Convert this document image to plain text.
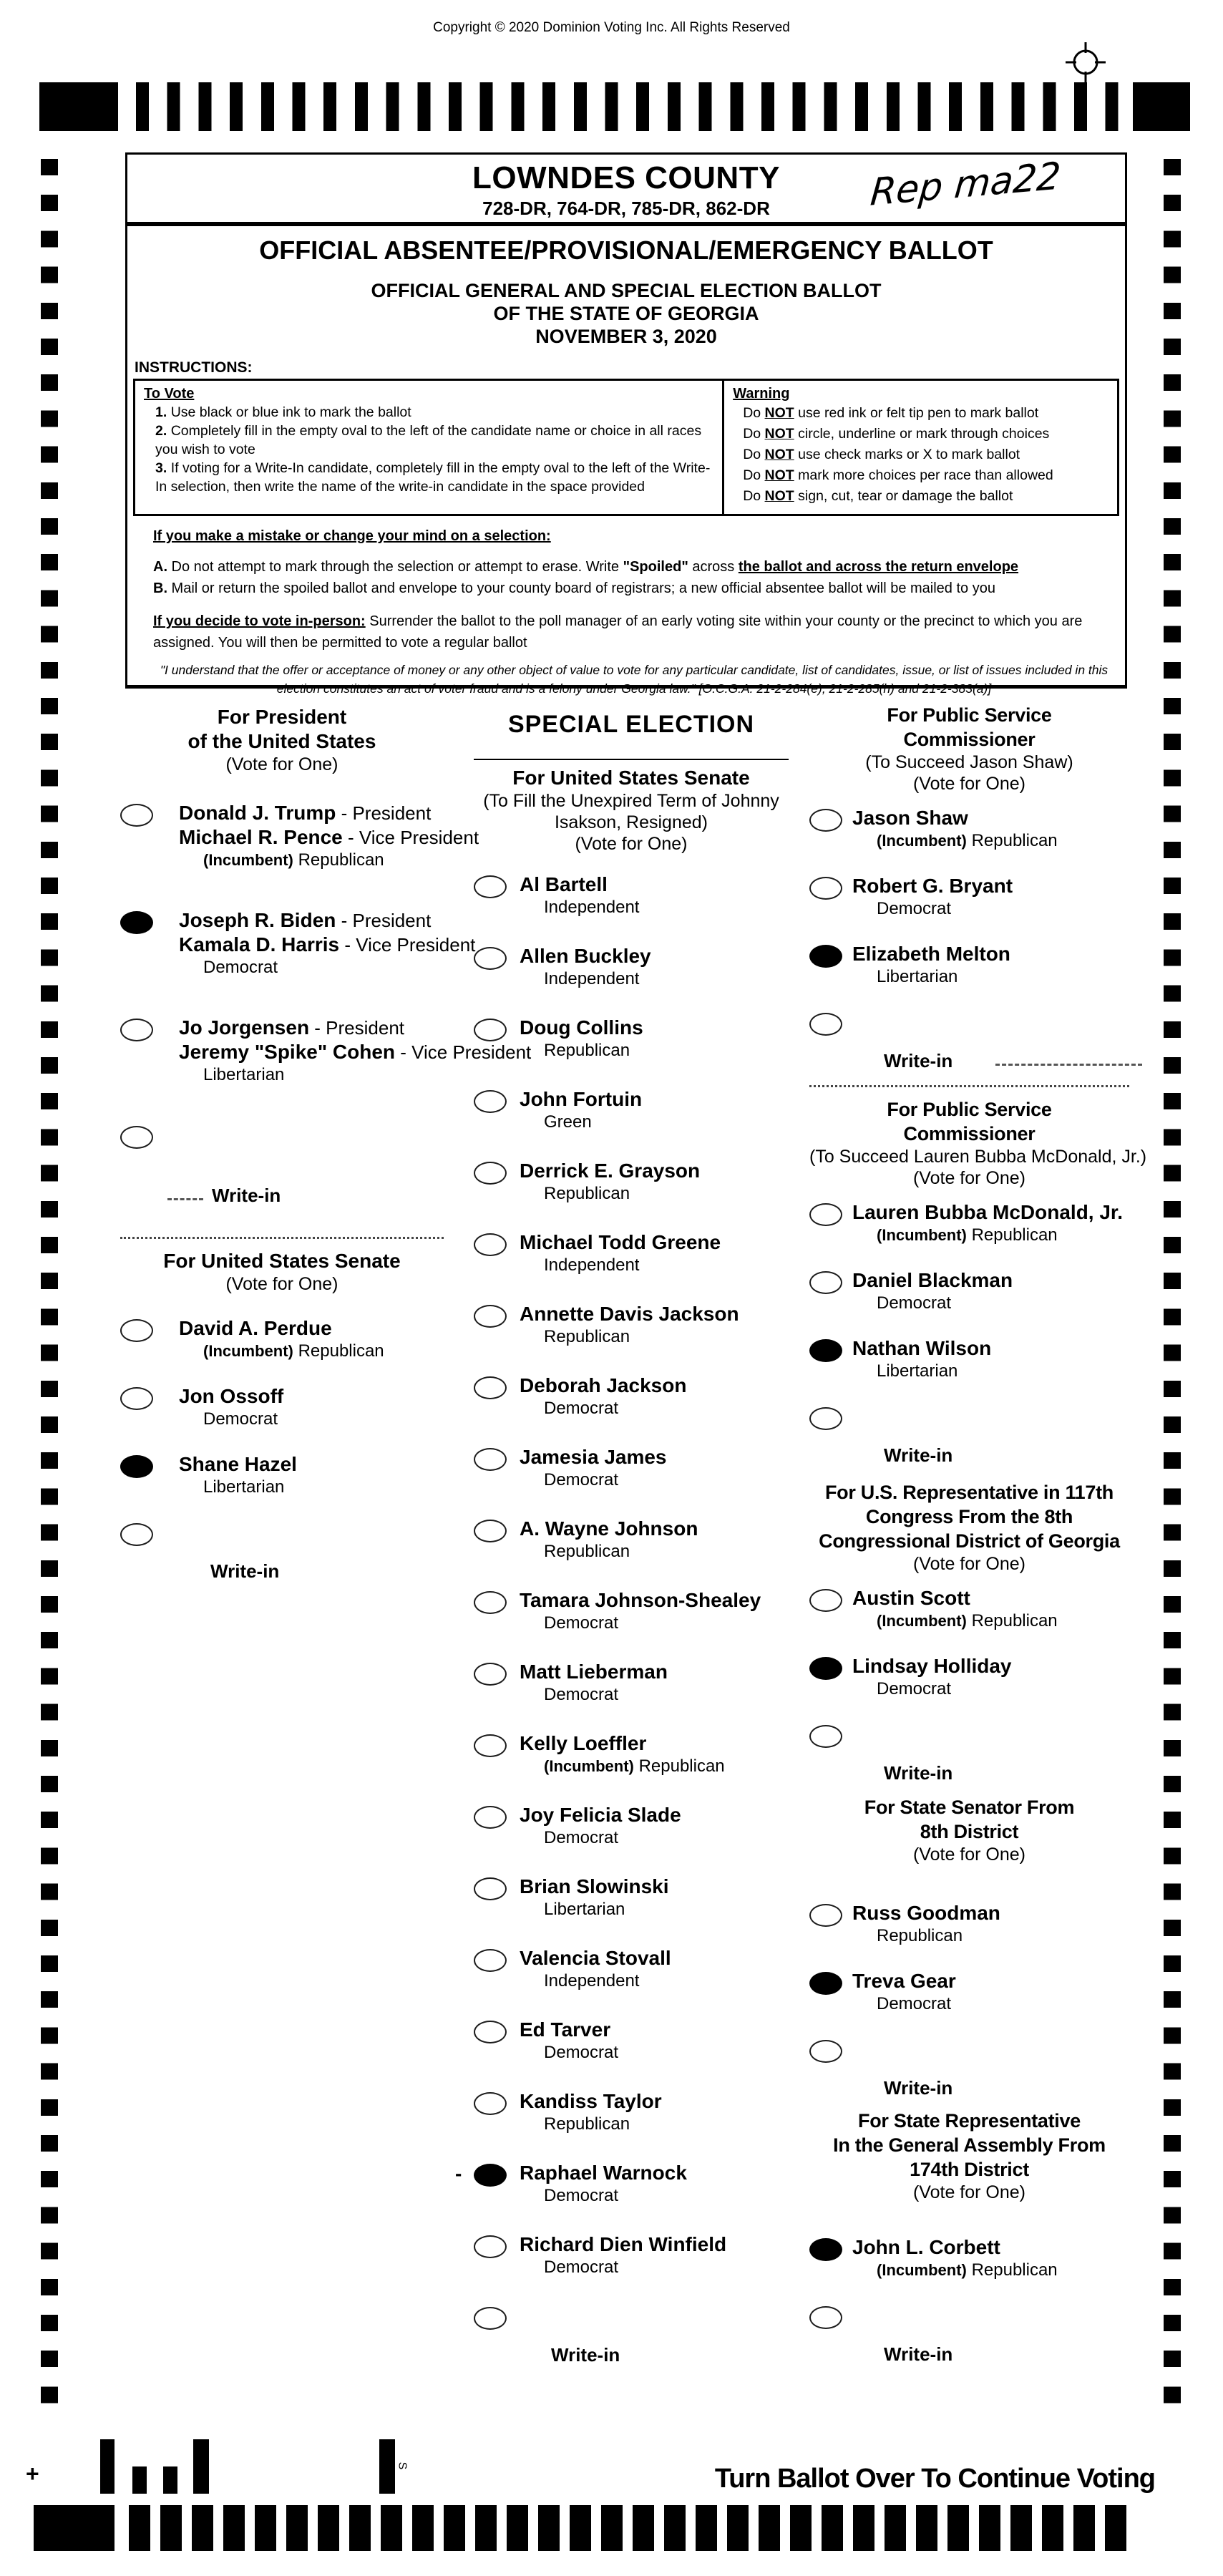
Copyright © 2020 Dominion Voting Inc. All Rights Reserved
LOWNDES COUNTY
728-DR, 764-DR, 785-DR, 862-DR	Rep ma22
OFFICIAL ABSENTEE/PROVISIONAL/EMERGENCY BALLOT
OFFICIAL GENERAL AND SPECIAL ELECTION BALLOT
OF THE STATE OF GEORGIA
NOVEMBER 3, 2020
INSTRUCTIONS:
To Vote
1. Use black or blue ink to mark the ballot
2. Completely fill in the empty oval to the left of the candidate name or choice in all races you wish to vote
3. If voting for a Write-In candidate, completely fill in the empty oval to the left of the Write-In selection, then write the name of the write-in candidate in the space provided
Warning
Do NOT use red ink or felt tip pen to mark ballot
Do NOT circle, underline or mark through choices
Do NOT use check marks or X to mark ballot
Do NOT mark more choices per race than allowed
Do NOT sign, cut, tear or damage the ballot
If you make a mistake or change your mind on a selection:
A. Do not attempt to mark through the selection or attempt to erase. Write "Spoiled" across the ballot and across the return envelope
B. Mail or return the spoiled ballot and envelope to your county board of registrars; a new official absentee ballot will be mailed to you
If you decide to vote in-person: Surrender the ballot to the poll manager of an early voting site within your county or the precinct to which you are assigned. You will then be permitted to vote a regular ballot
"I understand that the offer or acceptance of money or any other object of value to vote for any particular candidate, list of candidates, issue, or list of issues included in this election constitutes an act of voter fraud and is a felony under Georgia law." [O.C.G.A. 21-2-284(e), 21-2-285(h) and 21-2-383(a)]
For President
of the United States
(Vote for One)
Donald J. Trump - President
Michael R. Pence - Vice President
(Incumbent) Republican
Joseph R. Biden - President
Kamala D. Harris - Vice President
Democrat
Jo Jorgensen - President
Jeremy "Spike" Cohen - Vice President
Libertarian
Write-in
For United States Senate
(Vote for One)
David A. Perdue
(Incumbent) Republican
Jon Ossoff
Democrat
Shane Hazel
Libertarian
Write-in
SPECIAL ELECTION
For United States Senate
(To Fill the Unexpired Term of Johnny
Isakson, Resigned)
(Vote for One)
Al Bartell
Independent
Allen Buckley
Independent
Doug Collins
Republican
John Fortuin
Green
Derrick E. Grayson
Republican
Michael Todd Greene
Independent
Annette Davis Jackson
Republican
Deborah Jackson
Democrat
Jamesia James
Democrat
A. Wayne Johnson
Republican
Tamara Johnson-Shealey
Democrat
Matt Lieberman
Democrat
Kelly Loeffler
(Incumbent) Republican
Joy Felicia Slade
Democrat
Brian Slowinski
Libertarian
Valencia Stovall
Independent
Ed Tarver
Democrat
Kandiss Taylor
Republican
-	Raphael Warnock
Democrat
Richard Dien Winfield
Democrat
Write-in
For Public Service
Commissioner
(To Succeed Jason Shaw)
(Vote for One)
Jason Shaw
(Incumbent) Republican
Robert G. Bryant
Democrat
Elizabeth Melton
Libertarian
Write-in
For Public Service
Commissioner
(To Succeed Lauren Bubba McDonald, Jr.)
(Vote for One)
Lauren Bubba McDonald, Jr.
(Incumbent) Republican
Daniel Blackman
Democrat
Nathan Wilson
Libertarian
Write-in
For U.S. Representative in 117th
Congress From the 8th
Congressional District of Georgia
(Vote for One)
Austin Scott
(Incumbent) Republican
Lindsay Holliday
Democrat
Write-in
For State Senator From
8th District
(Vote for One)
Russ Goodman
Republican
Treva Gear
Democrat
Write-in
For State Representative
In the General Assembly From
174th District
(Vote for One)
John L. Corbett
(Incumbent) Republican
Write-in
Turn Ballot Over To Continue Voting
S
+
